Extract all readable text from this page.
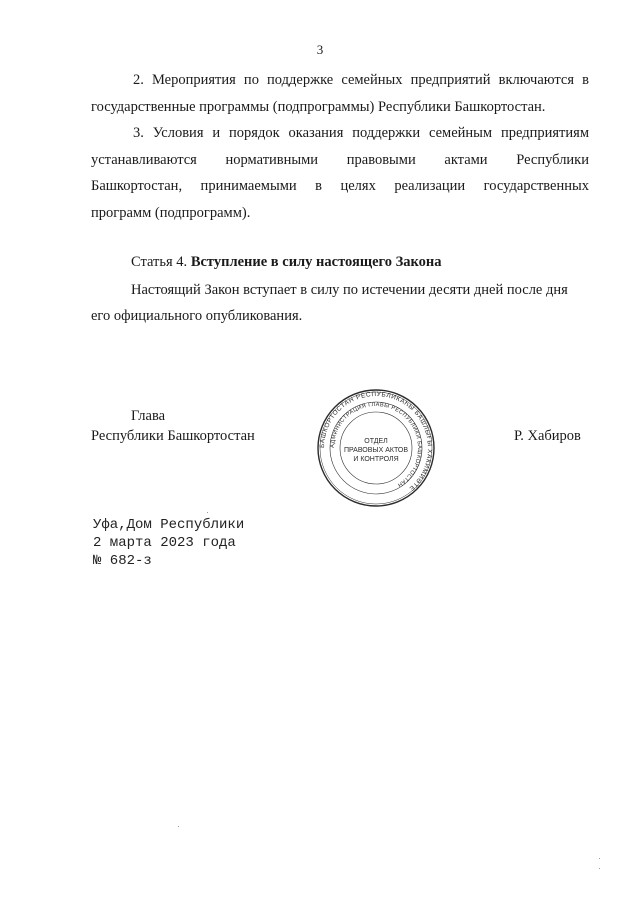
3

2. Мероприятия по поддержке семейных предприятий включаются в

государственные программы (подпрограммы) Республики Башкортостан.

3. Условия и порядок оказания поддержки семейным предприятиям

устанавливаются нормативными правовыми актами Республики

Башкортостан, принимаемыми в целях реализации государственных

программ (подпрограмм).

Статья 4. Вступление в силу настоящего Закона
Настоящий Закон вступает в силу по истечении десяти дней после дня
его официального опубликования.
Глава
Республики Башкортостан
БАШКОРТОСТАН РЕСПУБЛИКАҺЫ БАШЛЫҒЫ ХАКИМИӘТЕ
АДМИНИСТРАЦИЯ ГЛАВЫ РЕСПУБЛИКИ БАШКОРТОСТАН
ОТДЕЛ
ПРАВОВЫХ АКТОВ
И КОНТРОЛЯ
Р. Хабиров
Уфа,Дом Республики
2 марта 2023 года
№ 682-з
